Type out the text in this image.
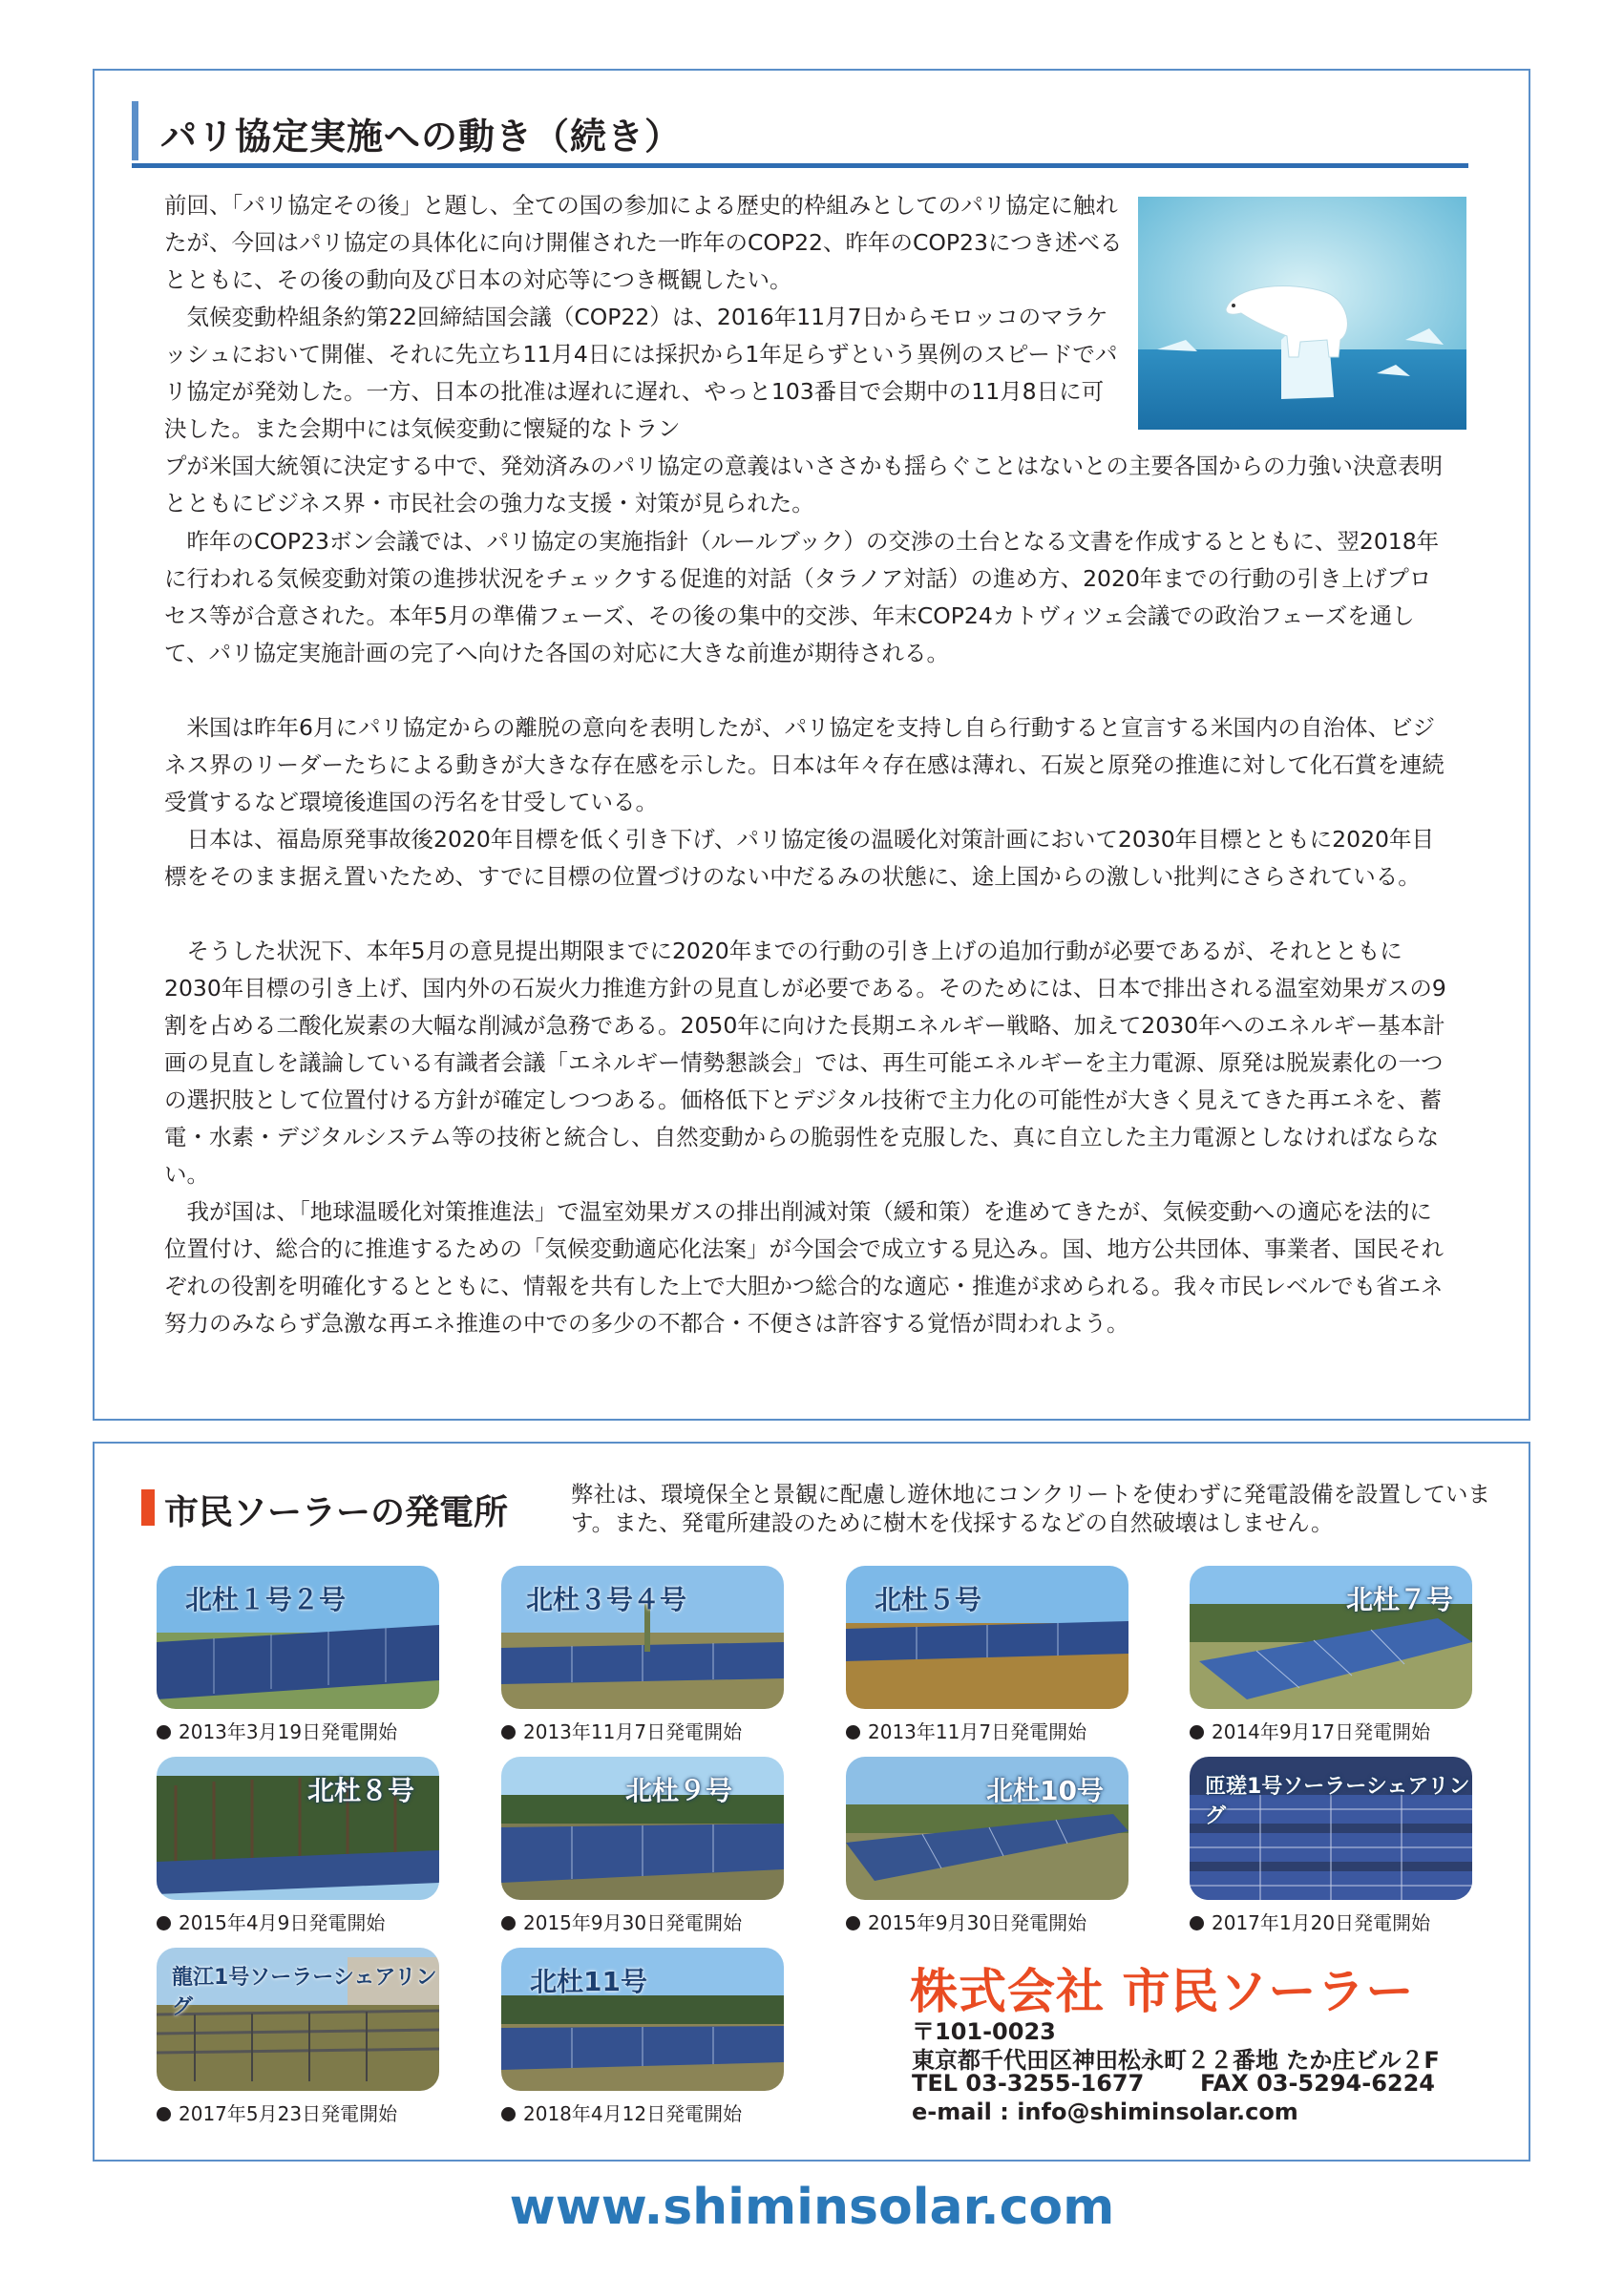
パリ協定実施への動き（続き）

前回、「パリ協定その後」と題し、全ての国の参加による歴史的枠組みとしてのパリ協定に触れたが、今回はパリ協定の具体化に向け開催された一昨年のCOP22、昨年のCOP23につき述べるとともに、その後の動向及び日本の対応等につき概観したい。

気候変動枠組条約第22回締結国会議（COP22）は、2016年11月7日からモロッコのマラケッシュにおいて開催、それに先立ち11月4日には採択から1年足らずという異例のスピードでパリ協定が発効した。一方、日本の批准は遅れに遅れ、やっと103番目で会期中の11月8日に可決した。また会期中には気候変動に懐疑的なトラン

プが米国大統領に決定する中で、発効済みのパリ協定の意義はいささかも揺らぐことはないとの主要各国からの力強い決意表明とともにビジネス界・市民社会の強力な支援・対策が見られた。

昨年のCOP23ボン会議では、パリ協定の実施指針（ルールブック）の交渉の土台となる文書を作成するとともに、翌2018年に行われる気候変動対策の進捗状況をチェックする促進的対話（タラノア対話）の進め方、2020年までの行動の引き上げプロセス等が合意された。本年5月の準備フェーズ、その後の集中的交渉、年末COP24カトヴィツェ会議での政治フェーズを通して、パリ協定実施計画の完了へ向けた各国の対応に大きな前進が期待される。

米国は昨年6月にパリ協定からの離脱の意向を表明したが、パリ協定を支持し自ら行動すると宣言する米国内の自治体、ビジネス界のリーダーたちによる動きが大きな存在感を示した。日本は年々存在感は薄れ、石炭と原発の推進に対して化石賞を連続受賞するなど環境後進国の汚名を甘受している。

日本は、福島原発事故後2020年目標を低く引き下げ、パリ協定後の温暖化対策計画において2030年目標とともに2020年目標をそのまま据え置いたため、すでに目標の位置づけのない中だるみの状態に、途上国からの激しい批判にさらされている。

そうした状況下、本年5月の意見提出期限までに2020年までの行動の引き上げの追加行動が必要であるが、それとともに2030年目標の引き上げ、国内外の石炭火力推進方針の見直しが必要である。そのためには、日本で排出される温室効果ガスの9割を占める二酸化炭素の大幅な削減が急務である。2050年に向けた長期エネルギー戦略、加えて2030年へのエネルギー基本計画の見直しを議論している有識者会議「エネルギー情勢懇談会」では、再生可能エネルギーを主力電源、原発は脱炭素化の一つの選択肢として位置付ける方針が確定しつつある。価格低下とデジタル技術で主力化の可能性が大きく見えてきた再エネを、蓄電・水素・デジタルシステム等の技術と統合し、自然変動からの脆弱性を克服した、真に自立した主力電源としなければならない。

我が国は、「地球温暖化対策推進法」で温室効果ガスの排出削減対策（緩和策）を進めてきたが、気候変動への適応を法的に位置付け、総合的に推進するための「気候変動適応化法案」が今国会で成立する見込み。国、地方公共団体、事業者、国民それぞれの役割を明確化するとともに、情報を共有した上で大胆かつ総合的な適応・推進が求められる。我々市民レベルでも省エネ努力のみならず急激な再エネ推進の中での多少の不都合・不便さは許容する覚悟が問われよう。

市民ソーラーの発電所	弊社は、環境保全と景観に配慮し遊休地にコンクリートを使わずに発電設備を設置しています。また、発電所建設のために樹木を伐採するなどの自然破壊はしません。
北杜１号２号
2013年3月19日発電開始
北杜３号４号
2013年11月7日発電開始
北杜５号
2013年11月7日発電開始
北杜７号
2014年9月17日発電開始
北杜８号
2015年4月9日発電開始
北杜９号
2015年9月30日発電開始
北杜10号
2015年9月30日発電開始
匝瑳1号ソーラーシェアリング
2017年1月20日発電開始
龍江1号ソーラーシェアリング
2017年5月23日発電開始
北杜11号
2018年4月12日発電開始
株式会社 市民ソーラー
〒101-0023
東京都千代田区神田松永町２２番地 たか庄ビル２F
TEL 03-3255-1677 FAX 03-5294-6224
e-mail : info@shiminsolar.com
www.shiminsolar.com
